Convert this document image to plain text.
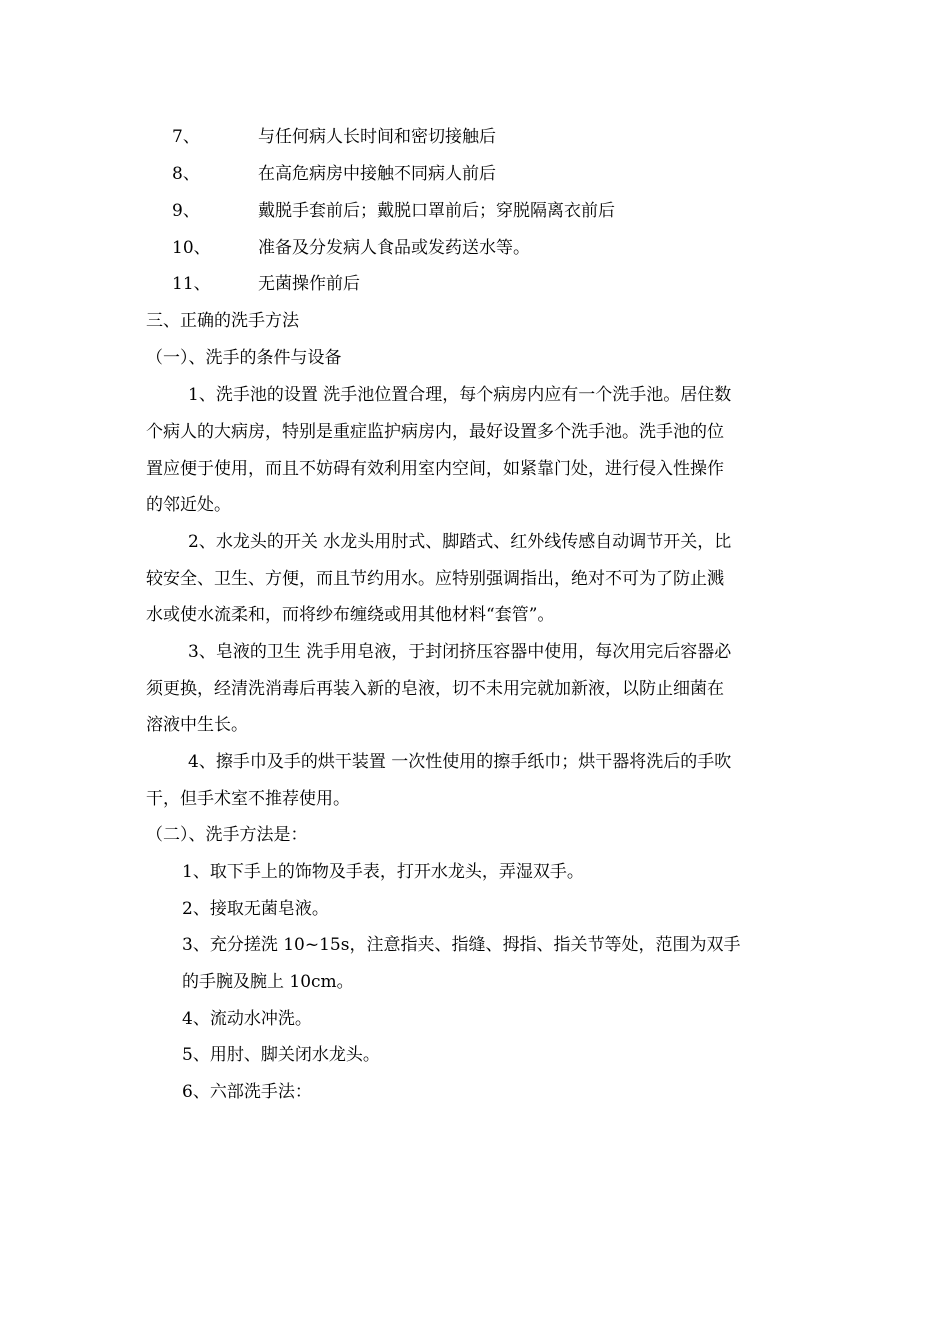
7、	与任何病人长时间和密切接触后
8、	在高危病房中接触不同病人前后
9、	戴脱手套前后；戴脱口罩前后；穿脱隔离衣前后
10、	准备及分发病人食品或发药送水等。
11、	无菌操作前后
三、正确的洗手方法
（一）、洗手的条件与设备
1、洗手池的设置 洗手池位置合理，每个病房内应有一个洗手池。居住数
个病人的大病房，特别是重症监护病房内，最好设置多个洗手池。洗手池的位
置应便于使用，而且不妨碍有效利用室内空间，如紧靠门处，进行侵入性操作
的邻近处。
2、水龙头的开关 水龙头用肘式、脚踏式、红外线传感自动调节开关，比
较安全、卫生、方便，而且节约用水。应特别强调指出，绝对不可为了防止溅
水或使水流柔和，而将纱布缠绕或用其他材料“套管”。
3、皂液的卫生 洗手用皂液，于封闭挤压容器中使用，每次用完后容器必
须更换，经清洗消毒后再装入新的皂液，切不未用完就加新液，以防止细菌在
溶液中生长。
4、擦手巾及手的烘干装置 一次性使用的擦手纸巾；烘干器将洗后的手吹
干，但手术室不推荐使用。
（二）、洗手方法是：
1、取下手上的饰物及手表，打开水龙头，弄湿双手。
2、接取无菌皂液。
3、充分搓洗 10~15s，注意指夹、指缝、拇指、指关节等处，范围为双手
的手腕及腕上 10cm。
4、流动水冲洗。
5、用肘、脚关闭水龙头。
6、六部洗手法：
